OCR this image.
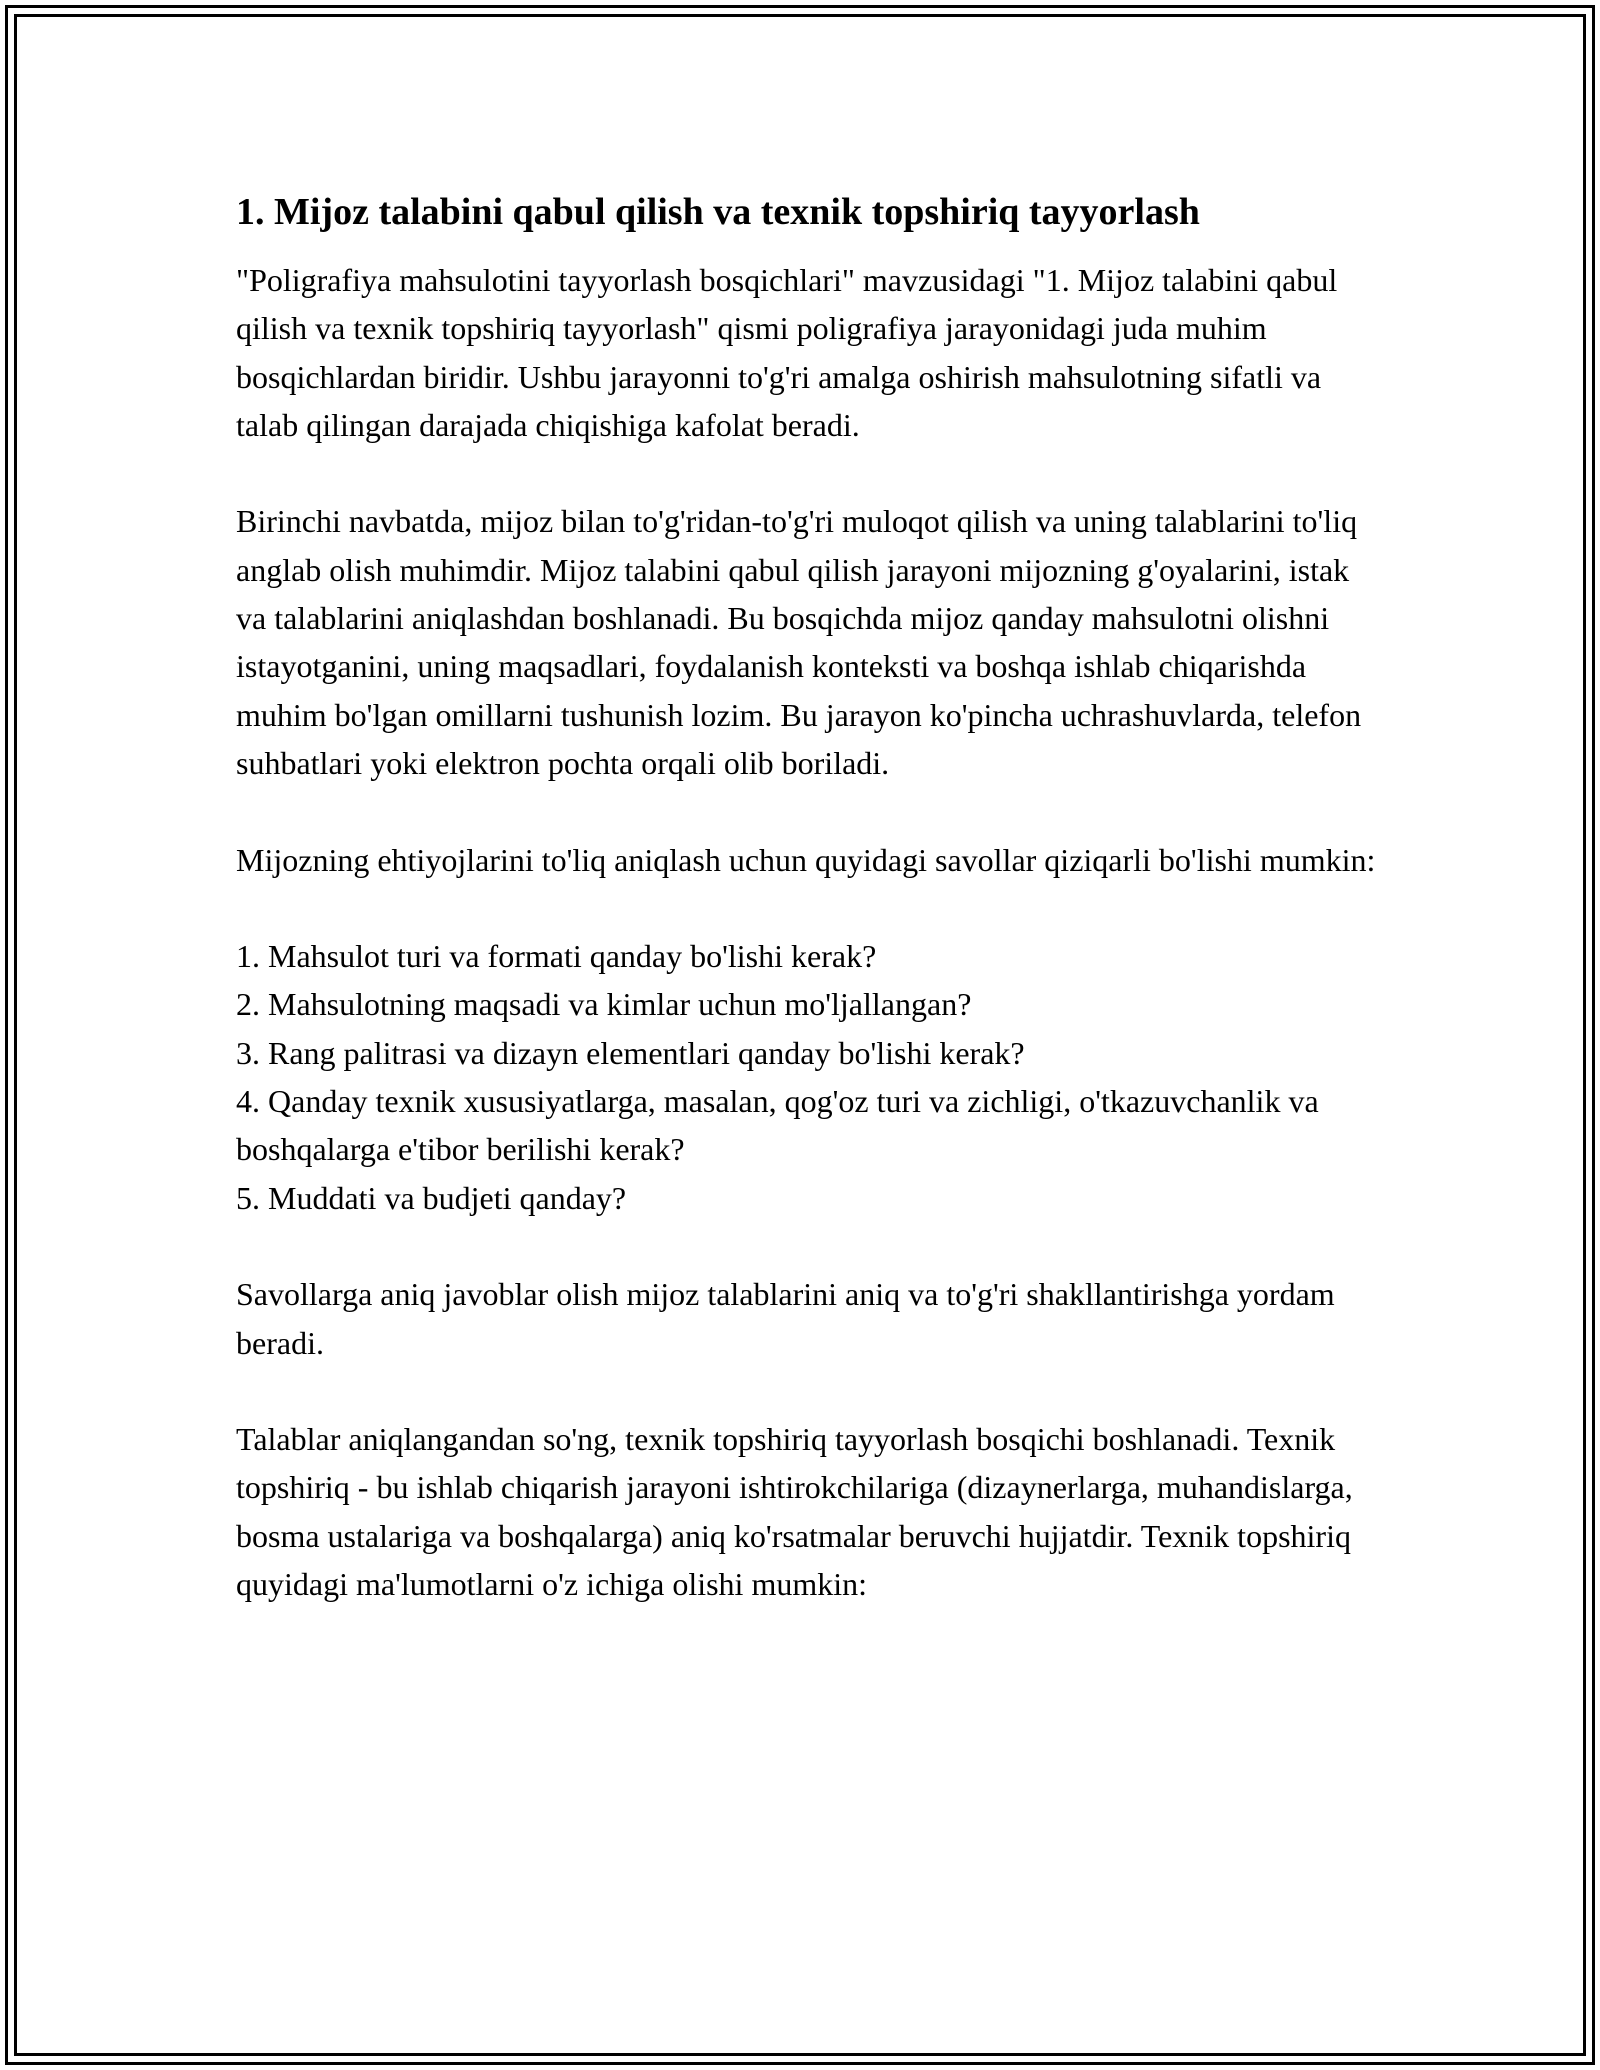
1. Mijoz talabini qabul qilish va texnik topshiriq tayyorlash

"Poligrafiya mahsulotini tayyorlash bosqichlari" mavzusidagi "1. Mijoz talabini qabul qilish va texnik topshiriq tayyorlash" qismi poligrafiya jarayonidagi juda muhim bosqichlardan biridir. Ushbu jarayonni to'g'ri amalga oshirish mahsulotning sifatli va talab qilingan darajada chiqishiga kafolat beradi.

Birinchi navbatda, mijoz bilan to'g'ridan-to'g'ri muloqot qilish va uning talablarini to'liq anglab olish muhimdir. Mijoz talabini qabul qilish jarayoni mijozning g'oyalarini, istak va talablarini aniqlashdan boshlanadi. Bu bosqichda mijoz qanday mahsulotni olishni istayotganini, uning maqsadlari, foydalanish konteksti va boshqa ishlab chiqarishda muhim bo'lgan omillarni tushunish lozim. Bu jarayon ko'pincha uchrashuvlarda, telefon suhbatlari yoki elektron pochta orqali olib boriladi.

Mijozning ehtiyojlarini to'liq aniqlash uchun quyidagi savollar qiziqarli bo'lishi mumkin:

1. Mahsulot turi va formati qanday bo'lishi kerak?
2. Mahsulotning maqsadi va kimlar uchun mo'ljallangan?
3. Rang palitrasi va dizayn elementlari qanday bo'lishi kerak?
4. Qanday texnik xususiyatlarga, masalan, qog'oz turi va zichligi, o'tkazuvchanlik va boshqalarga e'tibor berilishi kerak?
5. Muddati va budjeti qanday?

Savollarga aniq javoblar olish mijoz talablarini aniq va to'g'ri shakllantirishga yordam beradi.

Talablar aniqlangandan so'ng, texnik topshiriq tayyorlash bosqichi boshlanadi. Texnik topshiriq - bu ishlab chiqarish jarayoni ishtirokchilariga (dizaynerlarga, muhandislarga, bosma ustalariga va boshqalarga) aniq ko'rsatmalar beruvchi hujjatdir. Texnik topshiriq quyidagi ma'lumotlarni o'z ichiga olishi mumkin:
